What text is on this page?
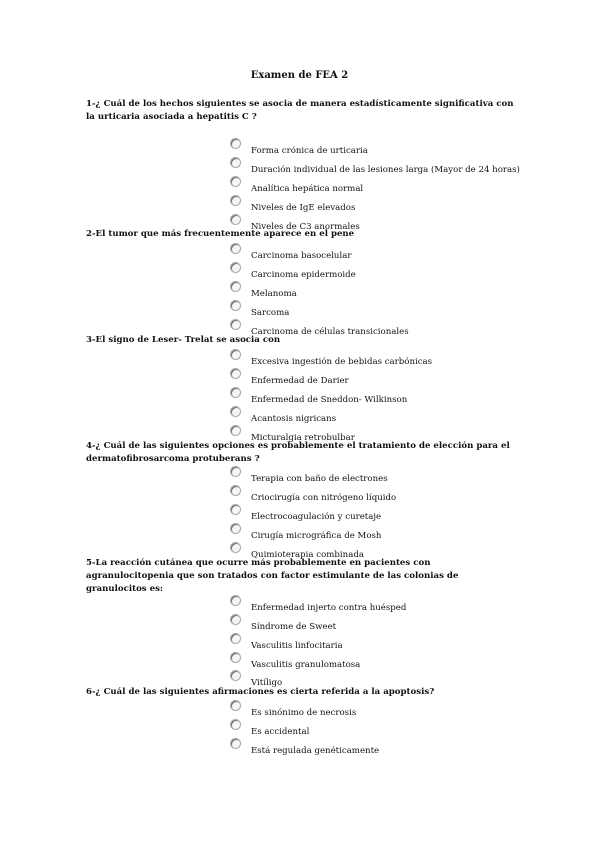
Examen de FEA 2
1-¿ Cuál de los hechos siguientes se asocia de manera estadísticamente significativa con la urticaria asociada a hepatitis C ?
Forma crónica de urticaria
Duración individual de las lesiones larga (Mayor de 24 horas)
Analítica hepática normal
Niveles de IgE elevados
Niveles de C3 anormales
2-El tumor que más frecuentemente aparece en el pene
Carcinoma basocelular
Carcinoma epidermoide
Melanoma
Sarcoma
Carcinoma de células transicionales
3-El signo de Leser- Trelat se asocia con
Excesiva ingestión de bebidas carbónicas
Enfermedad de Darier
Enfermedad de Sneddon- Wilkinson
Acantosis nigricans
Micturalgia retrobulbar
4-¿ Cuál de las siguientes opciones es probablemente el tratamiento de elección para el dermatofibrosarcoma protuberans ?
Terapia con baño de electrones
Criocirugía con nitrógeno líquido
Electrocoagulación y curetaje
Cirugía micrográfica de Mosh
Quimioterapia combinada
5-La reacción cutánea que ocurre más probablemente en pacientes con agranulocitopenia que son tratados con factor estimulante de las colonias de granulocitos es:
Enfermedad injerto contra huésped
Síndrome de Sweet
Vasculitis linfocitaria
Vasculitis granulomatosa
Vitíligo
6-¿ Cuál de las siguientes afirmaciones es cierta referida a la apoptosis?
Es sinónimo de necrosis
Es accidental
Está regulada genéticamente
